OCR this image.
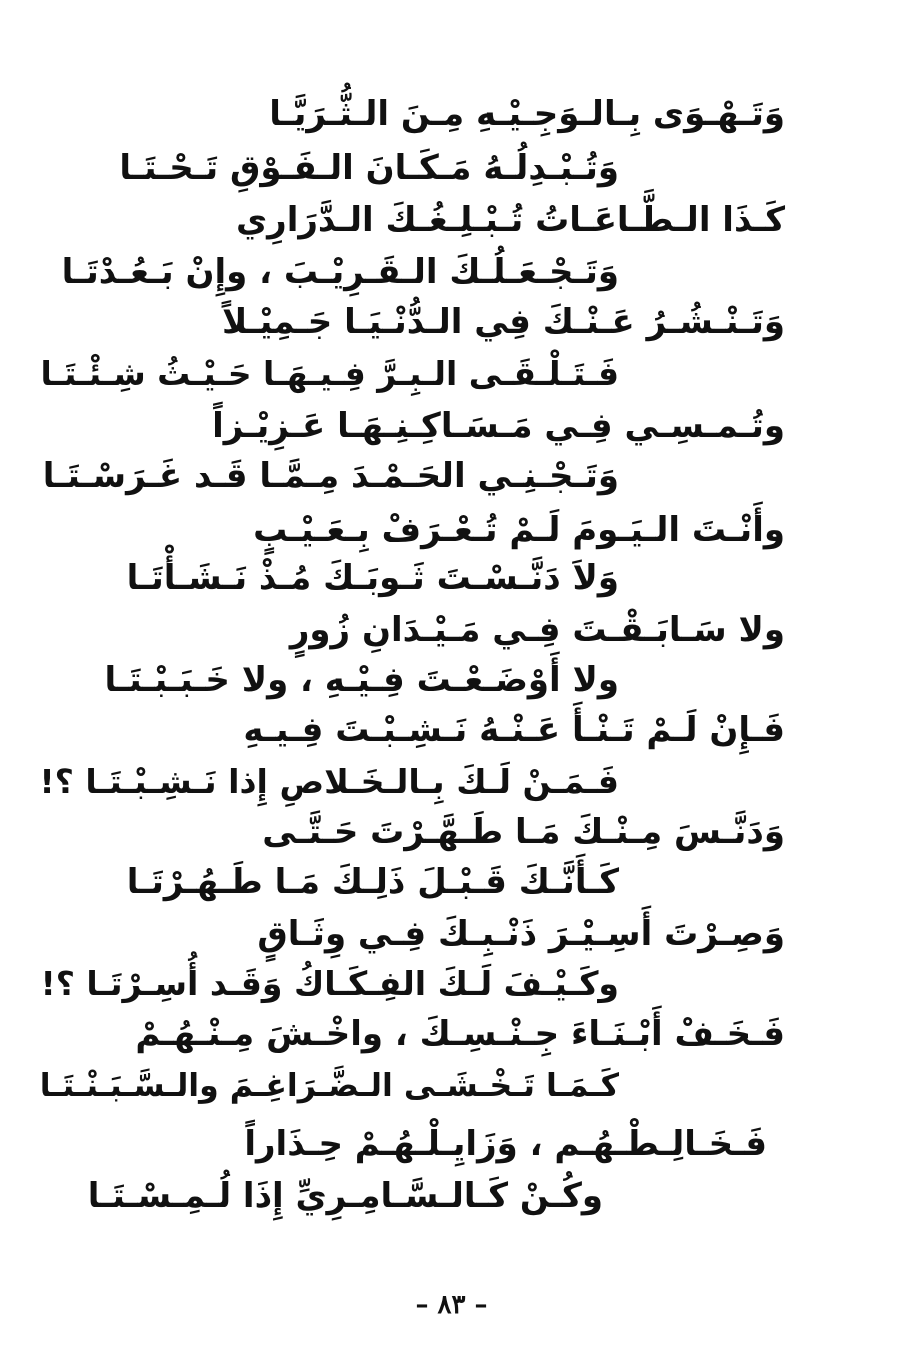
وَتَـهْـوَى بِـالـوَجِـيْـهِ مِـنَ الـثُّـرَيَّـا
وَتُـبْـدِلُـهُ مَـكَـانَ الـفَـوْقِ تَـحْـتَـا
كَـذَا الـطَّـاعَـاتُ تُـبْـلِـغُـكَ الـدَّرَارِي
وَتَـجْـعَـلُـكَ الـقَـرِيْـبَ ، وإِنْ بَـعُـدْتَـا
وَتَـنْـشُـرُ عَـنْـكَ فِي الـدُّنْـيَـا جَـمِيْـلاً
فَـتَـلْـقَـى الـبِـرَّ فِـيـهَـا حَـيْـثُ شِـئْـتَـا
وتُـمـسِـي فِـي مَـسَـاكِـنِـهَـا عَـزِيْـزاً
وَتَـجْـنِـي الحَـمْـدَ مِـمَّـا قَـد غَـرَسْـتَـا
وأَنْـتَ الـيَـومَ لَـمْ تُـعْـرَفْ بِـعَـيْـبٍ
وَلاَ دَنَّـسْـتَ ثَـوبَـكَ مُـذْ نَـشَـأْتَـا
ولا سَـابَـقْـتَ فِـي مَـيْـدَانِ زُورٍ
ولا أَوْضَـعْـتَ فِـيْـهِ ، ولا خَـبَـبْـتَـا
فَـإِنْ لَـمْ تَـنْـأَ عَـنْـهُ نَـشِـبْـتَ فِـيـهِ
فَـمَـنْ لَـكَ بِـالـخَـلاصِ إِذا نَـشِـبْـتَـا ؟!
وَدَنَّـسَ مِـنْـكَ مَـا طَـهَّـرْتَ حَـتَّـى
كَـأَنَّـكَ قَـبْـلَ ذَلِـكَ مَـا طَـهُـرْتَـا
وَصِـرْتَ أَسِـيْـرَ ذَنْـبِـكَ فِـي وِثَـاقٍ
وكَـيْـفَ لَـكَ الفِـكَـاكُ وَقَـد أُسِـرْتَـا ؟!
فَـخَـفْ أَبْـنَـاءَ جِـنْـسِـكَ ، واخْـشَ مِـنْـهُـمْ
كَـمَـا تَـخْـشَـى الـضَّـرَاغِـمَ والـسَّـبَـنْـتَـا
فَـخَـالِـطْـهُـم ، وَزَايِـلْـهُـمْ حِـذَاراً
وكُـنْ كَـالـسَّـامِـرِيِّ إِذَا لُـمِـسْـتَـا
– ٨٣ –
